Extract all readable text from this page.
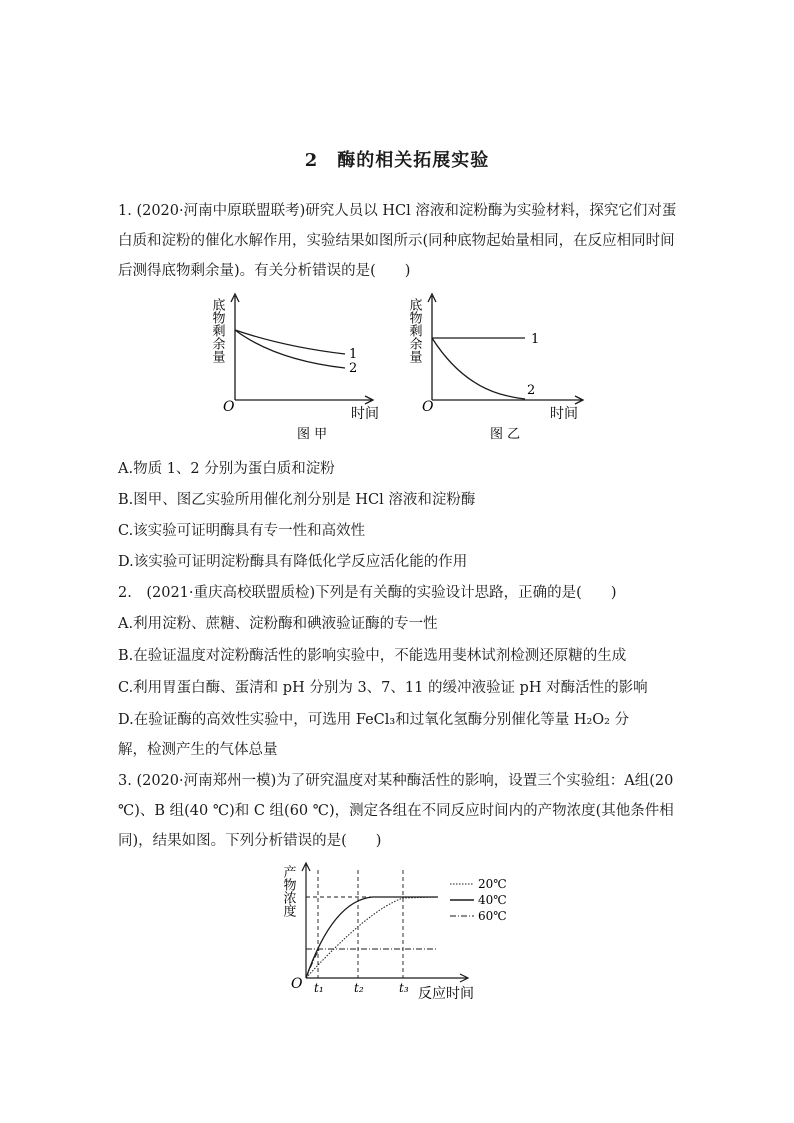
2　酶的相关拓展实验
1. (2020·河南中原联盟联考)研究人员以 HCl 溶液和淀粉酶为实验材料，探究它们对蛋白质和淀粉的催化水解作用，实验结果如图所示(同种底物起始量相同，在反应相同时间后测得底物剩余量)。有关分析错误的是(　　)
底物剩余量
O	时间
1
2
图 甲
底物剩余量
O	时间
1
2
图 乙
A.物质 1、2 分别为蛋白质和淀粉
B.图甲、图乙实验所用催化剂分别是 HCl 溶液和淀粉酶
C.该实验可证明酶具有专一性和高效性
D.该实验可证明淀粉酶具有降低化学反应活化能的作用
2.　(2021·重庆高校联盟质检)下列是有关酶的实验设计思路，正确的是(　　)
A.利用淀粉、蔗糖、淀粉酶和碘液验证酶的专一性
B.在验证温度对淀粉酶活性的影响实验中，不能选用斐林试剂检测还原糖的生成
C.利用胃蛋白酶、蛋清和 pH 分别为 3、7、11 的缓冲液验证 pH 对酶活性的影响
D.在验证酶的高效性实验中，可选用 FeCl₃和过氧化氢酶分别催化等量 H₂O₂ 分
解，检测产生的气体总量
3. (2020·河南郑州一模)为了研究温度对某种酶活性的影响，设置三个实验组：A组(20 ℃)、B 组(40 ℃)和 C 组(60 ℃)，测定各组在不同反应时间内的产物浓度(其他条件相同)，结果如图。下列分析错误的是(　　)
产物浓度
O t₁	t₂	t₃ 反应时间
20℃
40℃
60℃
